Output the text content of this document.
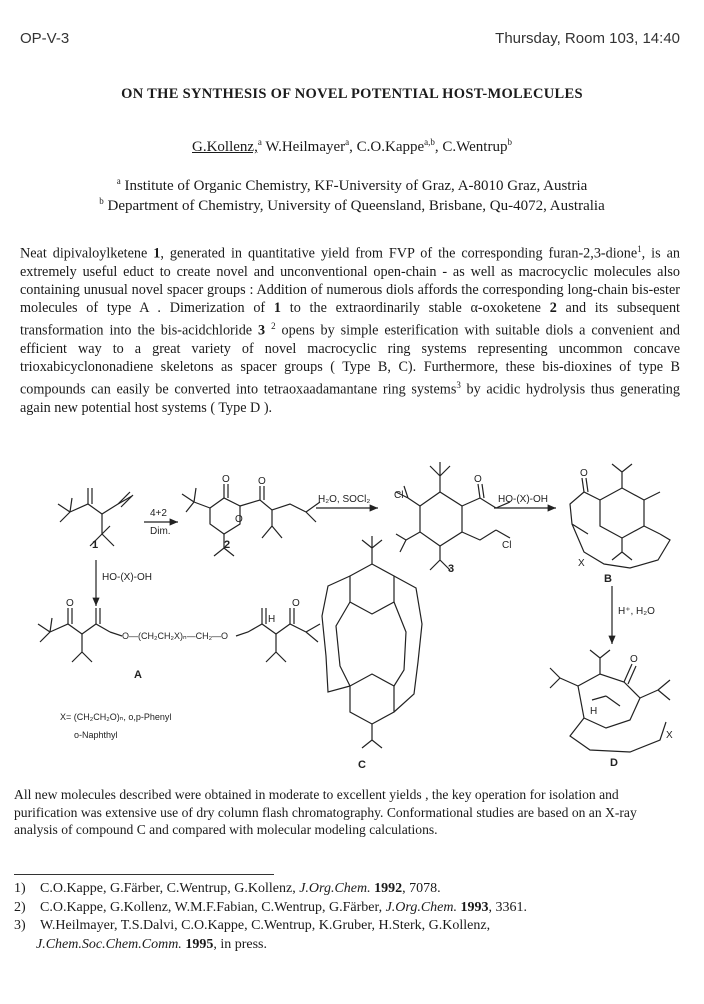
OP-V-3	Thursday, Room 103, 14:40
ON THE SYNTHESIS OF NOVEL POTENTIAL HOST-MOLECULES
G.Kollenz,$^a$ W.Heilmayer$^a$, C.O.Kappe$^{a,b}$, C.Wentrup$^b$
$^a$ Institute of Organic Chemistry, KF-University of Graz, A-8010 Graz, Austria
$^b$ Department of Chemistry, University of Queensland, Brisbane, Qu-4072, Australia
Neat dipivaloylketene 1, generated in quantitative yield from FVP of the corresponding furan-2,3-dione$^1$, is an extremely useful educt to create novel and unconventional open-chain - as well as macrocyclic molecules also containing unusual novel spacer groups : Addition of numerous diols affords the corresponding long-chain bis-ester molecules of type A . Dimerization of 1 to the extraordinarily stable α-oxoketene 2 and its subsequent transformation into the bis-acidchloride 3 $^2$ opens by simple esterification with suitable diols a convenient and efficient way to a great variety of novel macrocyclic ring systems representing uncommon concave trioxabicyclononadiene skeletons as spacer groups ( Type B, C). Furthermore, these bis-dioxines of type B compounds can easily be converted into tetraoxaadamantane ring systems$^3$ by acidic hydrolysis thus generating again new potential host systems ( Type D ).
4+2
Dim.
H₂O, SOCl₂	HO-(X)-OH
HO-(X)-OH
H⁺, H₂O
O—(CH₂CH₂X)ₙ—CH₂—O
X= (CH₂CH₂O)ₙ, o,p-Phenyl
o-Naphthyl
O
O	O
Cl
Cl
O
O
X
H
O	O
H
X
O
1	2
3
A
B
C	D
All new molecules described were obtained in moderate to excellent yields , the key operation for isolation and purification was extensive use of dry column flash chromatography. Conformational studies are based on an X-ray analysis of compound C and compared with molecular modeling calculations.
1) C.O.Kappe, G.Färber, C.Wentrup, G.Kollenz, J.Org.Chem. 1992, 7078.
2) C.O.Kappe, G.Kollenz, W.M.F.Fabian, C.Wentrup, G.Färber, J.Org.Chem. 1993, 3361.
3) W.Heilmayer, T.S.Dalvi, C.O.Kappe, C.Wentrup, K.Gruber, H.Sterk, G.Kollenz,
J.Chem.Soc.Chem.Comm. 1995, in press.
